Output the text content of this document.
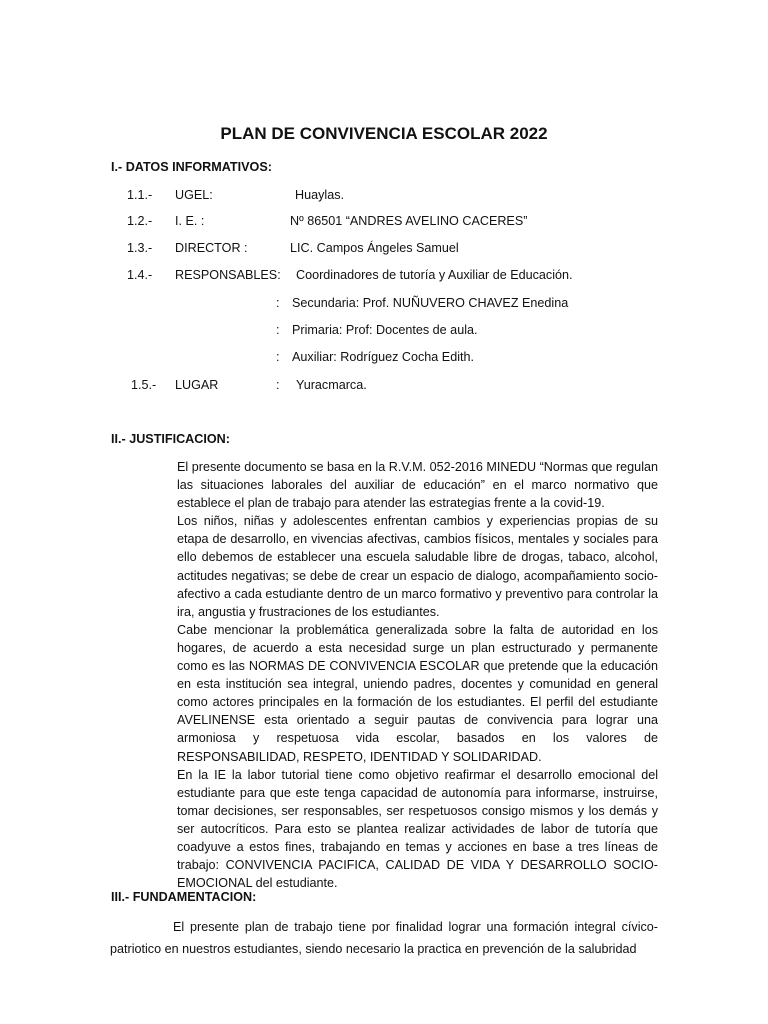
PLAN DE CONVIVENCIA ESCOLAR 2022
I.- DATOS INFORMATIVOS:
1.1.- UGEL:	Huaylas.
1.2.- I. E. :	Nº 86501 “ANDRES AVELINO CACERES”
1.3.- DIRECTOR :	LIC. Campos Ángeles Samuel
1.4.- RESPONSABLES: Coordinadores de tutoría y Auxiliar de Educación.
: Secundaria: Prof. NUÑUVERO CHAVEZ Enedina
: Primaria: Prof: Docentes de aula.
: Auxiliar: Rodríguez Cocha Edith.
1.5.- LUGAR	: Yuracmarca.
II.- JUSTIFICACION:

El presente documento se basa en la R.V.M. 052-2016 MINEDU “Normas que regulan las situaciones laborales del auxiliar de educación” en el marco normativo que establece el plan de trabajo para atender las estrategias frente a la covid-19.

Los niños, niñas y adolescentes enfrentan cambios y experiencias propias de su etapa de desarrollo, en vivencias afectivas, cambios físicos, mentales y sociales para ello debemos de establecer una escuela saludable libre de drogas, tabaco, alcohol, actitudes negativas; se debe de crear un espacio de dialogo, acompañamiento socio-afectivo a cada estudiante dentro de un marco formativo y preventivo para controlar la ira, angustia y frustraciones de los estudiantes.

Cabe mencionar la problemática generalizada sobre la falta de autoridad en los hogares, de acuerdo a esta necesidad surge un plan estructurado y permanente como es las NORMAS DE CONVIVENCIA ESCOLAR que pretende que la educación en esta institución sea integral, uniendo padres, docentes y comunidad en general como actores principales en la formación de los estudiantes. El perfil del estudiante AVELINENSE esta orientado a seguir pautas de convivencia para lograr una armoniosa y respetuosa vida escolar, basados en los valores de RESPONSABILIDAD, RESPETO, IDENTIDAD Y SOLIDARIDAD.

En la IE la labor tutorial tiene como objetivo reafirmar el desarrollo emocional del estudiante para que este tenga capacidad de autonomía para informarse, instruirse, tomar decisiones, ser responsables, ser respetuosos consigo mismos y los demás y ser autocríticos. Para esto se plantea realizar actividades de labor de tutoría que coadyuve a estos fines, trabajando en temas y acciones en base a tres líneas de trabajo: CONVIVENCIA PACIFICA, CALIDAD DE VIDA Y DESARROLLO SOCIO-EMOCIONAL del estudiante.

III.- FUNDAMENTACION:
El presente plan de trabajo tiene por finalidad lograr una formación integral cívico-patriotico en nuestros estudiantes, siendo necesario la practica en prevención de la salubridad
